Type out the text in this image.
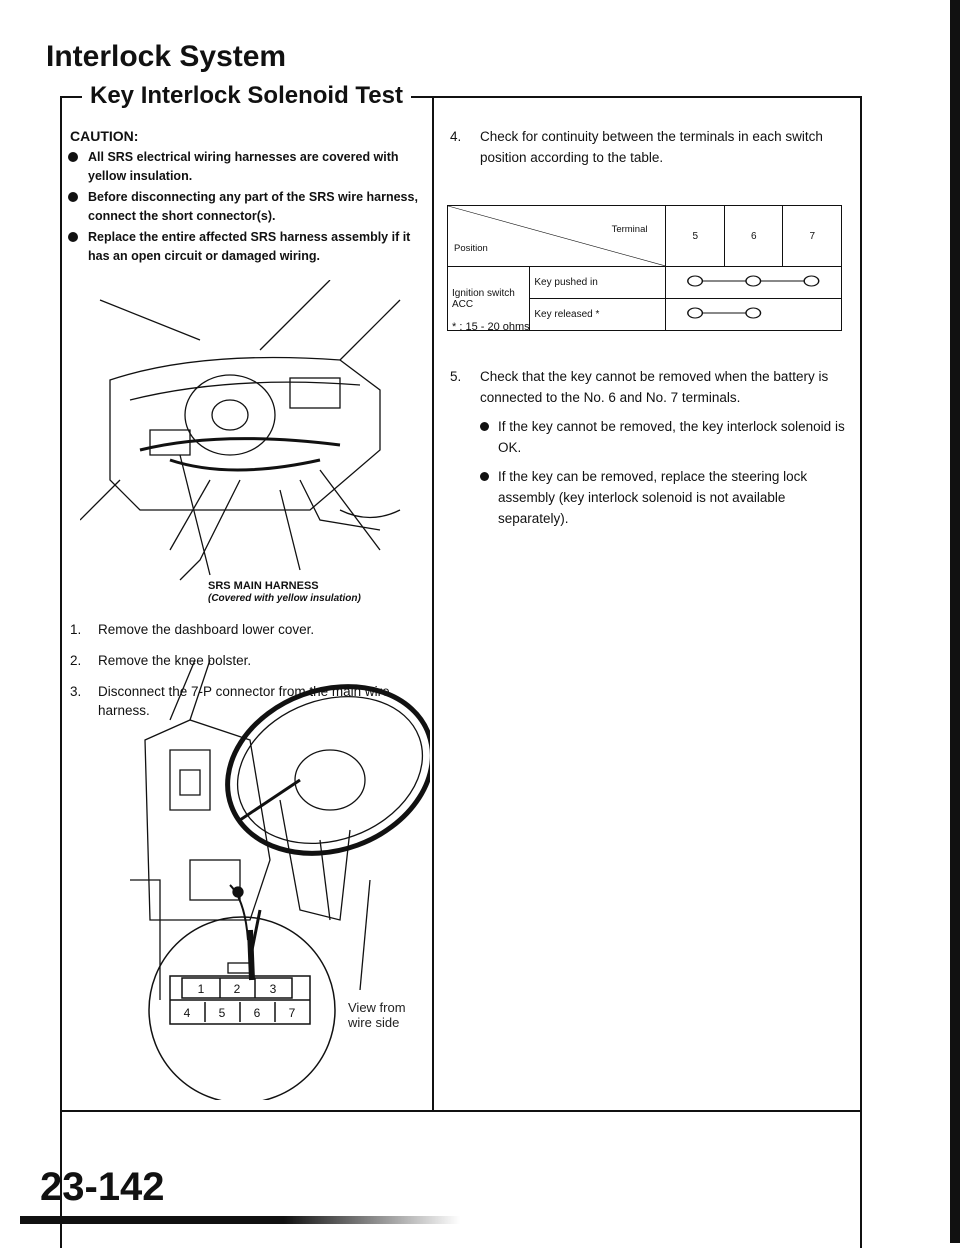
Interlock System
Key Interlock Solenoid Test
CAUTION:
All SRS electrical wiring harnesses are covered with yellow insulation.
Before disconnecting any part of the SRS wire harness, connect the short connector(s).
Replace the entire affected SRS harness assembly if it has an open circuit or damaged wiring.
SRS MAIN HARNESS
(Covered with yellow insulation)
1. Remove the dashboard lower cover.
2. Remove the knee bolster.
3. Disconnect the 7-P connector from the main wire harness.
1 2 3
4 5 6 7	View from
wire side
4. Check for continuity between the terminals in each switch position according to the table.
Terminal
Position		5	6	7
Ignition switch ACC	Key pushed in	
	Key released *	
* : 15 - 20 ohms
5.	Check that the key cannot be removed when the battery is connected to the No. 6 and No. 7 terminals.
If the key cannot be removed, the key interlock solenoid is OK.
If the key can be removed, replace the steering lock assembly (key interlock solenoid is not available separately).
23-142
